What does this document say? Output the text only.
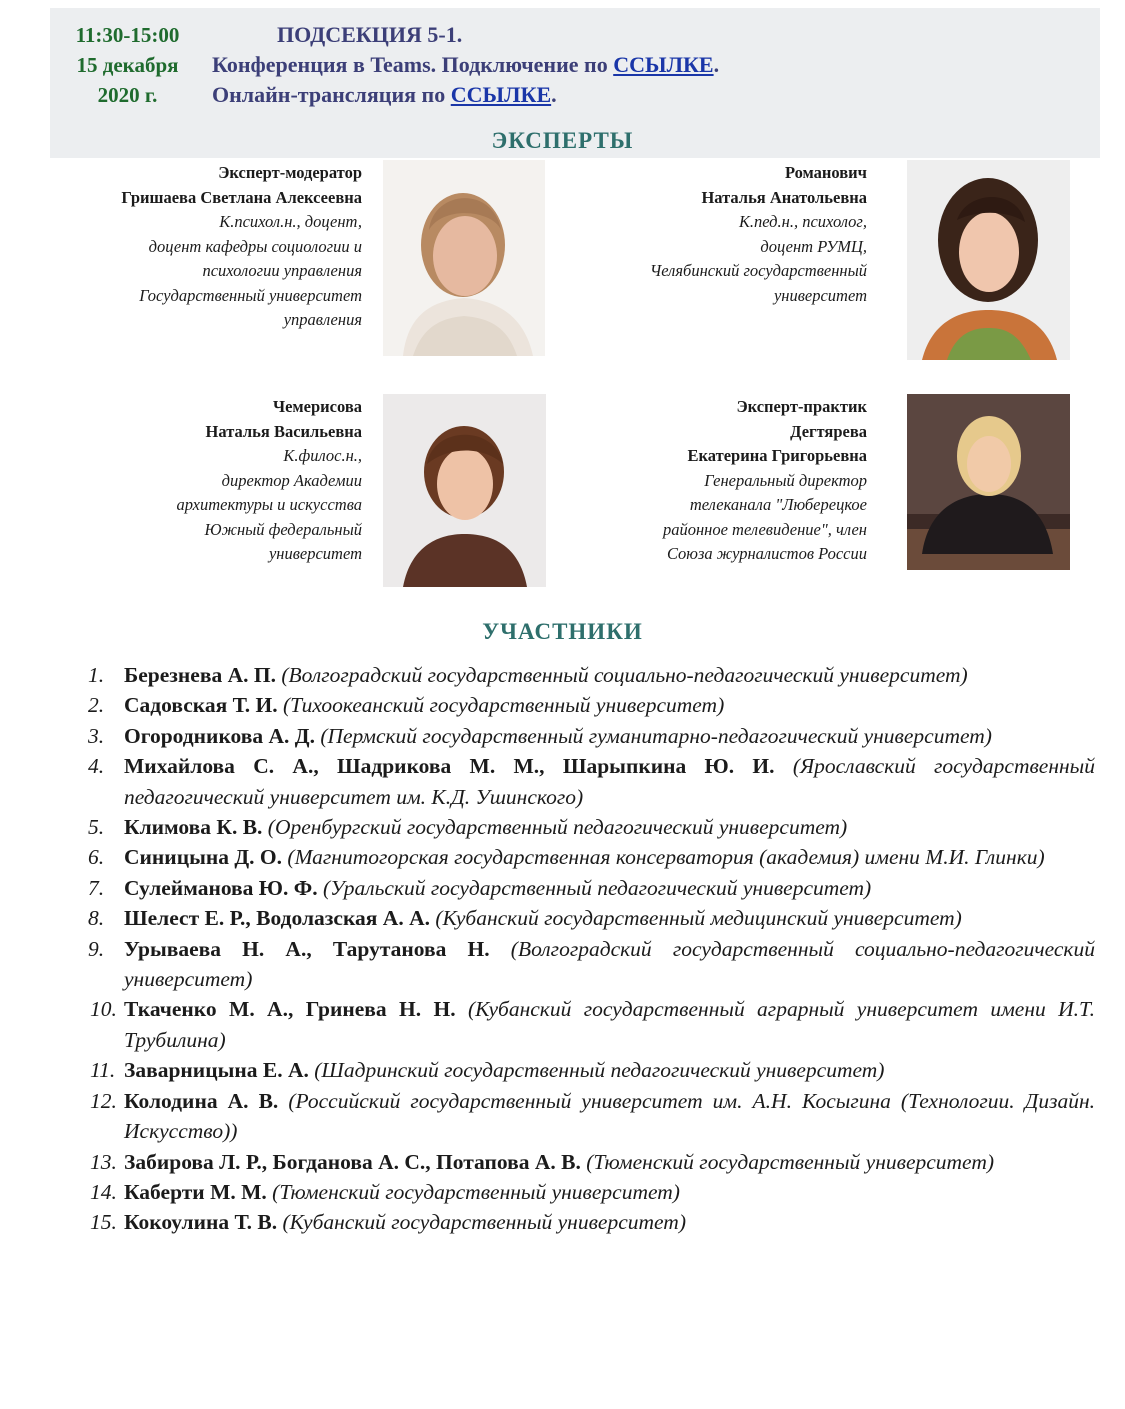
11:30-15:00
15 декабря
2020 г.
ПОДСЕКЦИЯ 5-1.
Конференция в Teams. Подключение по ССЫЛКЕ.
Онлайн-трансляция по ССЫЛКЕ.
ЭКСПЕРТЫ
Эксперт-модератор
Гришаева Светлана Алексеевна
К.психол.н., доцент,
доцент кафедры социологии и
психологии управления
Государственный университет
управления
Романович
Наталья Анатольевна
К.пед.н., психолог,
доцент РУМЦ,
Челябинский государственный
университет
Чемерисова
Наталья Васильевна
К.филос.н.,
директор Академии
архитектуры и искусства
Южный федеральный
университет
Эксперт-практик
Дегтярева
Екатерина Григорьевна
Генеральный директор
телеканала "Люберецкое
районное телевидение", член
Союза журналистов России
УЧАСТНИКИ
1. Березнева А. П. (Волгоградский государственный социально-педагогический университет)
2. Садовская Т. И. (Тихоокеанский государственный университет)
3. Огородникова А. Д. (Пермский государственный гуманитарно-педагогический университет)
4. Михайлова С. А., Шадрикова М. М., Шарыпкина Ю. И. (Ярославский государственный педагогический университет им. К.Д. Ушинского)
5. Климова К. В. (Оренбургский государственный педагогический университет)
6. Синицына Д. О. (Магнитогорская государственная консерватория (академия) имени М.И. Глинки)
7. Сулейманова Ю. Ф. (Уральский государственный педагогический университет)
8. Шелест Е. Р., Водолазская А. А. (Кубанский государственный медицинский университет)
9. Урываева Н. А., Тарутанова Н. (Волгоградский государственный социально-педагогический университет)
10. Ткаченко М. А., Гринева Н. Н. (Кубанский государственный аграрный университет имени И.Т. Трубилина)
11. Заварницына Е. А. (Шадринский государственный педагогический университет)
12. Колодина А. В. (Российский государственный университет им. А.Н. Косыгина (Технологии. Дизайн. Искусство))
13. Забирова Л. Р., Богданова А. С., Потапова А. В. (Тюменский государственный университет)
14. Каберти М. М. (Тюменский государственный университет)
15. Кокоулина Т. В. (Кубанский государственный университет)
